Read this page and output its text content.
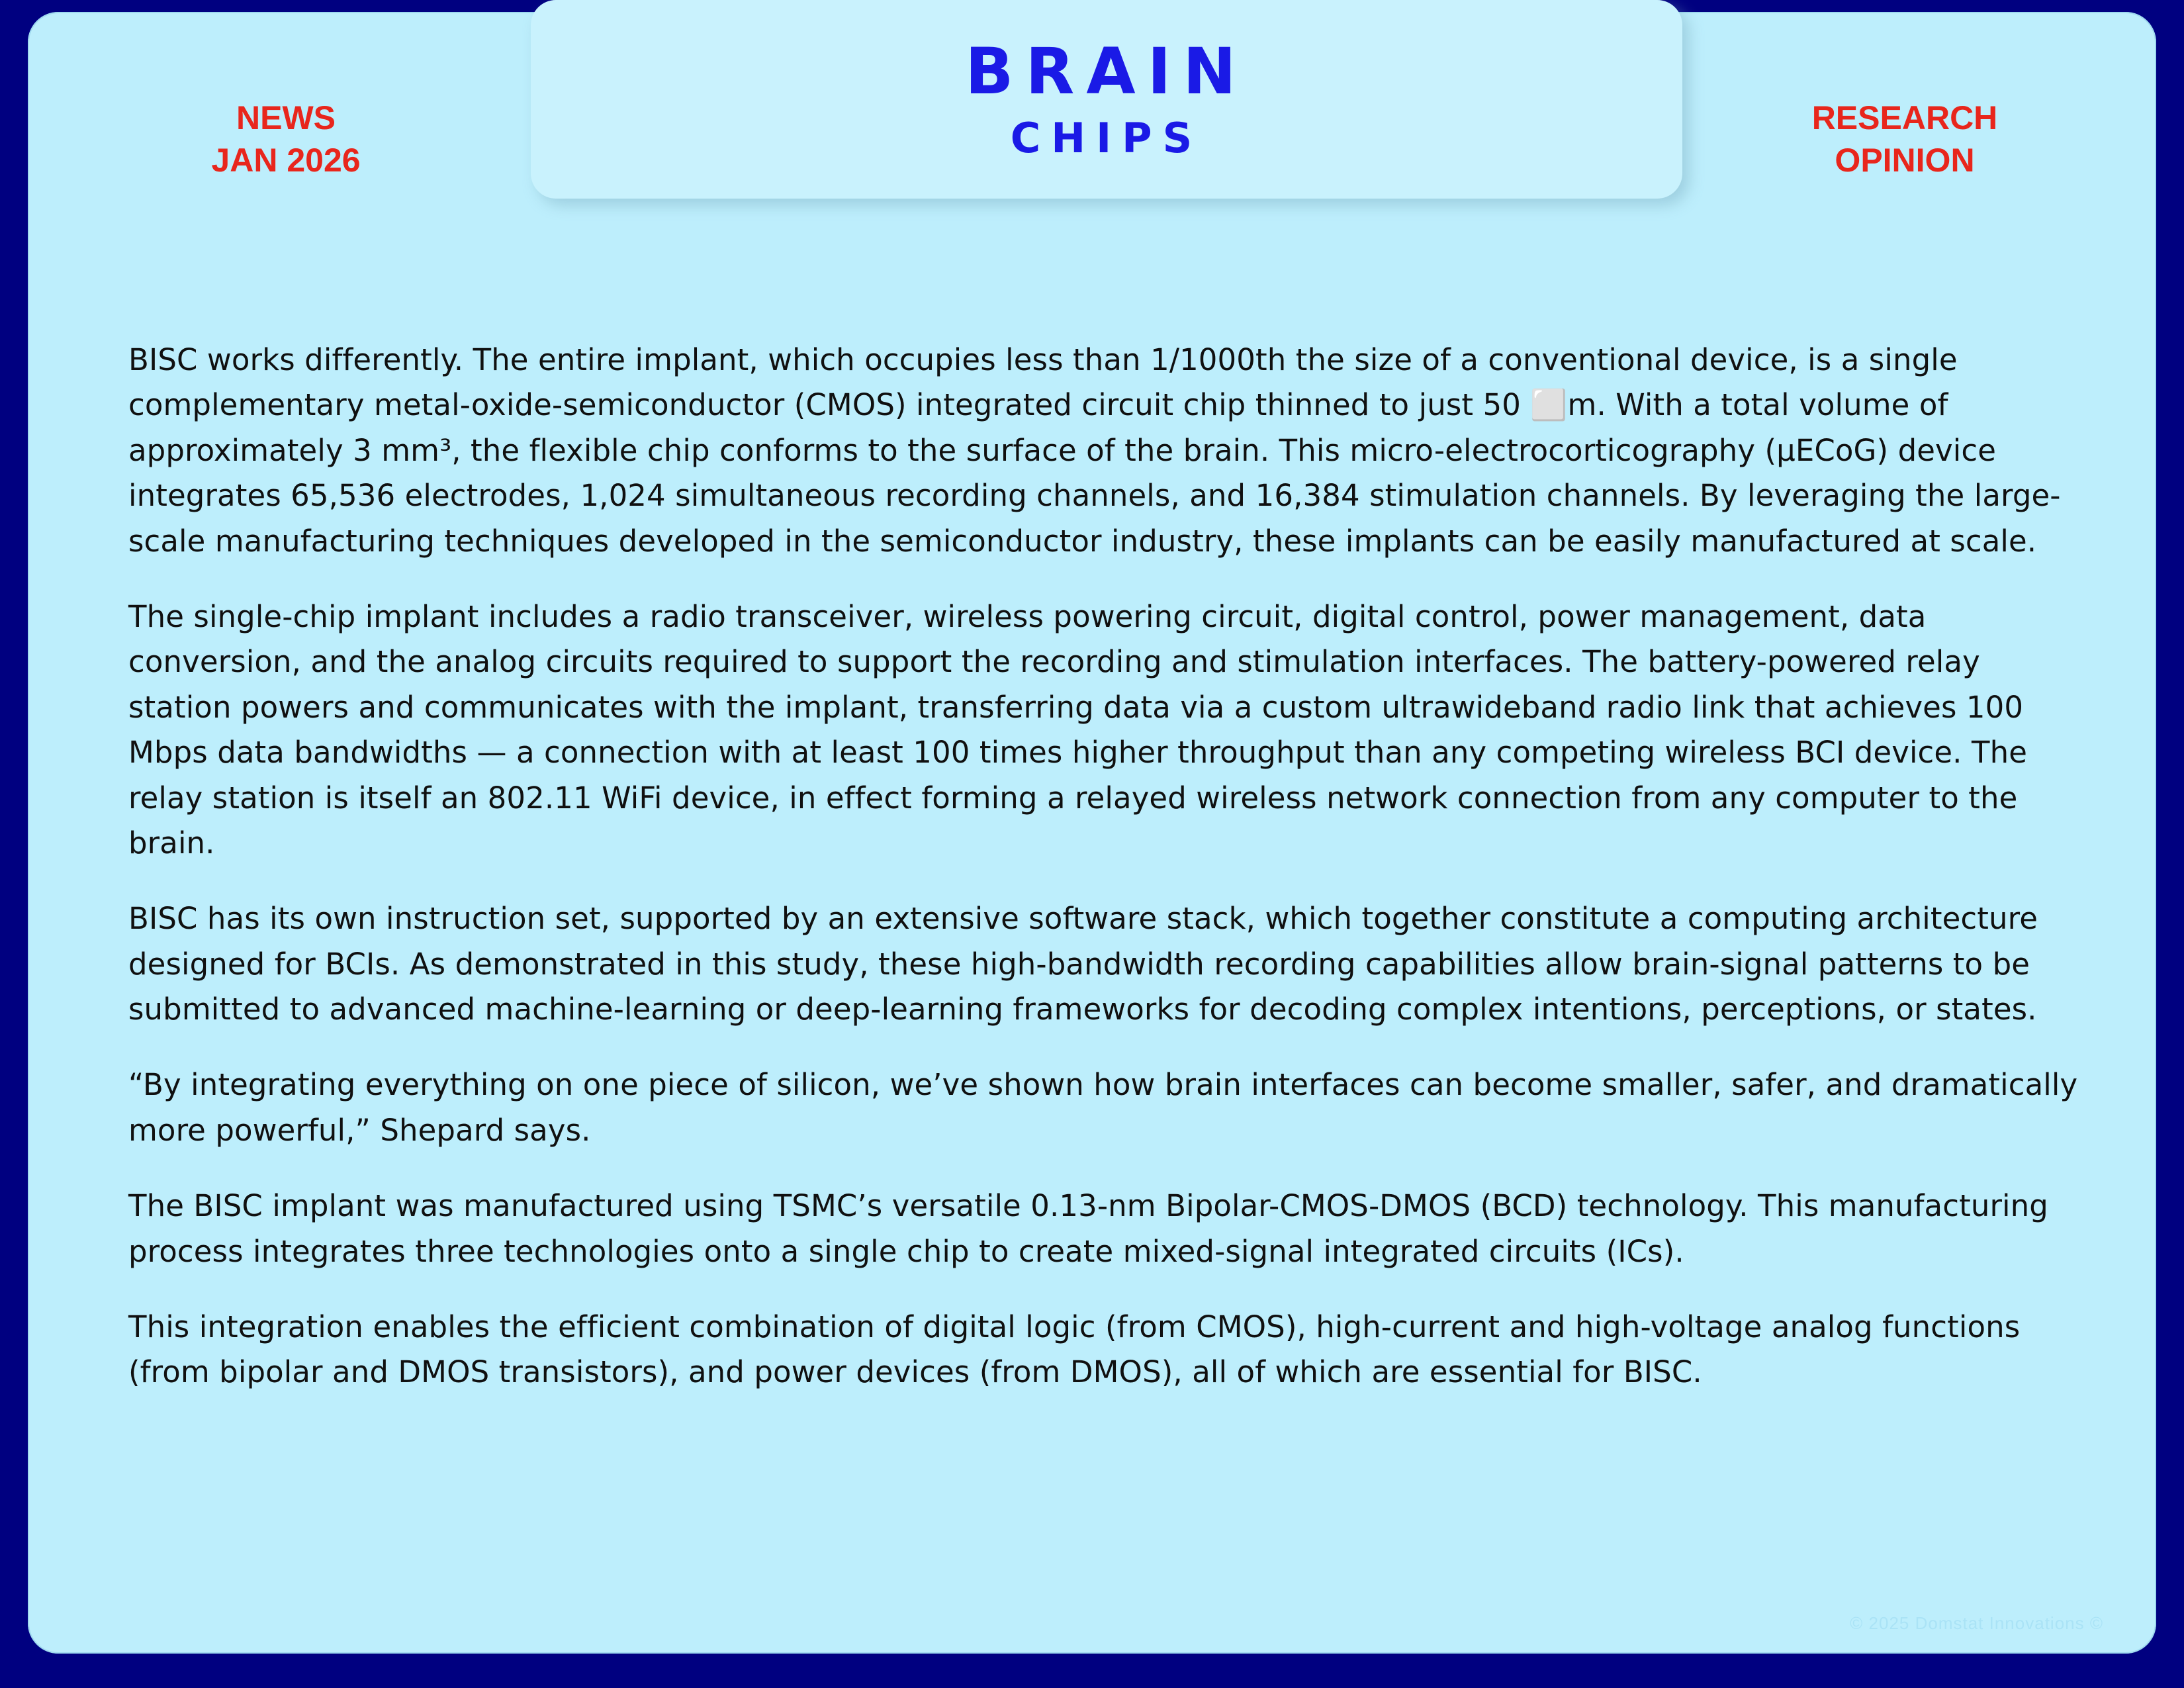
NEWS
JAN 2026
BRAIN
CHIPS	RESEARCH
OPINION

BISC works differently. The entire implant, which occupies less than 1/1000th the size of a conventional device, is a single complementary metal-oxide-semiconductor (CMOS) integrated circuit chip thinned to just 50 ⬜m. With a total volume of approximately 3 mm³, the flexible chip conforms to the surface of the brain. This micro-electrocorticography (µECoG) device integrates 65,536 electrodes, 1,024 simultaneous recording channels, and 16,384 stimulation channels. By leveraging the large-scale manufacturing techniques developed in the semiconductor industry, these implants can be easily manufactured at scale.

The single-chip implant includes a radio transceiver, wireless powering circuit, digital control, power management, data conversion, and the analog circuits required to support the recording and stimulation interfaces. The battery-powered relay station powers and communicates with the implant, transferring data via a custom ultrawideband radio link that achieves 100 Mbps data bandwidths — a connection with at least 100 times higher throughput than any competing wireless BCI device. The relay station is itself an 802.11 WiFi device, in effect forming a relayed wireless network connection from any computer to the brain.

BISC has its own instruction set, supported by an extensive software stack, which together constitute a computing architecture designed for BCIs. As demonstrated in this study, these high-bandwidth recording capabilities allow brain-signal patterns to be submitted to advanced machine-learning or deep-learning frameworks for decoding complex intentions, perceptions, or states.

“By integrating everything on one piece of silicon, we’ve shown how brain interfaces can become smaller, safer, and dramatically more powerful,” Shepard says.

The BISC implant was manufactured using TSMC’s versatile 0.13-nm Bipolar-CMOS-DMOS (BCD) technology. This manufacturing process integrates three technologies onto a single chip to create mixed-signal integrated circuits (ICs).

This integration enables the efficient combination of digital logic (from CMOS), high-current and high-voltage analog functions (from bipolar and DMOS transistors), and power devices (from DMOS), all of which are essential for BISC.

© 2025 Domstat Innovations ©
